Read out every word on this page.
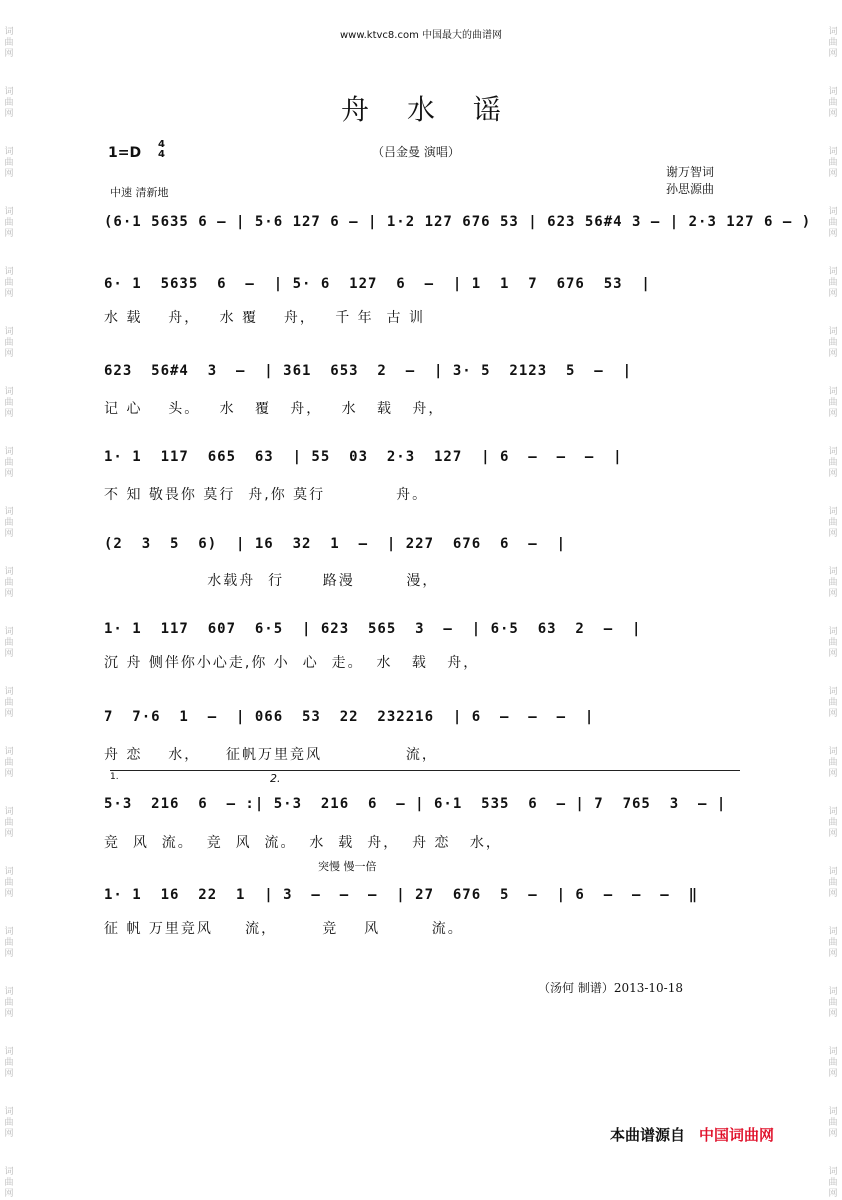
词
曲
网
词
曲
网
词
曲
网
词
曲
网
词
曲
网
词
曲
网
词
曲
网
词
曲
网
词
曲
网
词
曲
网
词
曲
网
词
曲
网
词
曲
网
词
曲
网
词
曲
网
词
曲
网
词
曲
网
词
曲
网
词
曲
网
词
曲
网
词
曲
网
词
曲
网
词
曲
网
词
曲
网
词
曲
网
词
曲
网
词
曲
网
词
曲
网
词
曲
网
词
曲
网
词
曲
网
词
曲
网
词
曲
网
词
曲
网
词
曲
网
词
曲
网
词
曲
网
词
曲
网
词
曲
网
词
曲
网
www.ktvc8.com 中国最大的曲谱网
舟水谣
1=D
4
4	（吕金曼 演唱）
谢万智词
孙思源曲
中速 清新地
(6·1 5635 6 – | 5·6 127 6 – | 1·2 127 676 53 | 623 56#4 3 – | 2·3 127 6 – )
6· 1  5635  6  –  | 5· 6  127  6  –  | 1  1  7  676  53  |
水 载    舟，   水 覆    舟，   千 年  古 训
623  56#4  3  –  | 361  653  2  –  | 3· 5  2123  5  –  |
记 心    头。   水   覆   舟，   水   载   舟，
1· 1  117  665  63  | 55  03  2·3  127  | 6  –  –  –  |
不 知 敬畏你 莫行  舟,你 莫行           舟。
(2  3  5  6)  | 16  32  1  –  | 227  676  6  –  |
水载舟  行      路漫        漫，
1· 1  117  607  6·5  | 623  565  3  –  | 6·5  63  2  –  |
沉 舟 侧伴你小心走,你 小  心  走。  水   载   舟，
7  7·6  1  –  | 066  53  22  232216  | 6  –  –  –  |
舟 恋    水，    征帆万里竞风             流，
1.	2.
5·3  216  6  – :| 5·3  216  6  – | 6·1  535  6  – | 7  765  3  – |
竞  风  流。  竞  风  流。  水  载  舟，  舟 恋   水，
突慢 慢一倍
1· 1  16  22  1  | 3  –  –  –  | 27  676  5  –  | 6  –  –  –  ‖
征 帆 万里竞风     流，       竞    风        流。
（汤何 制谱）2013-10-18
本曲谱源自 中国词曲网
